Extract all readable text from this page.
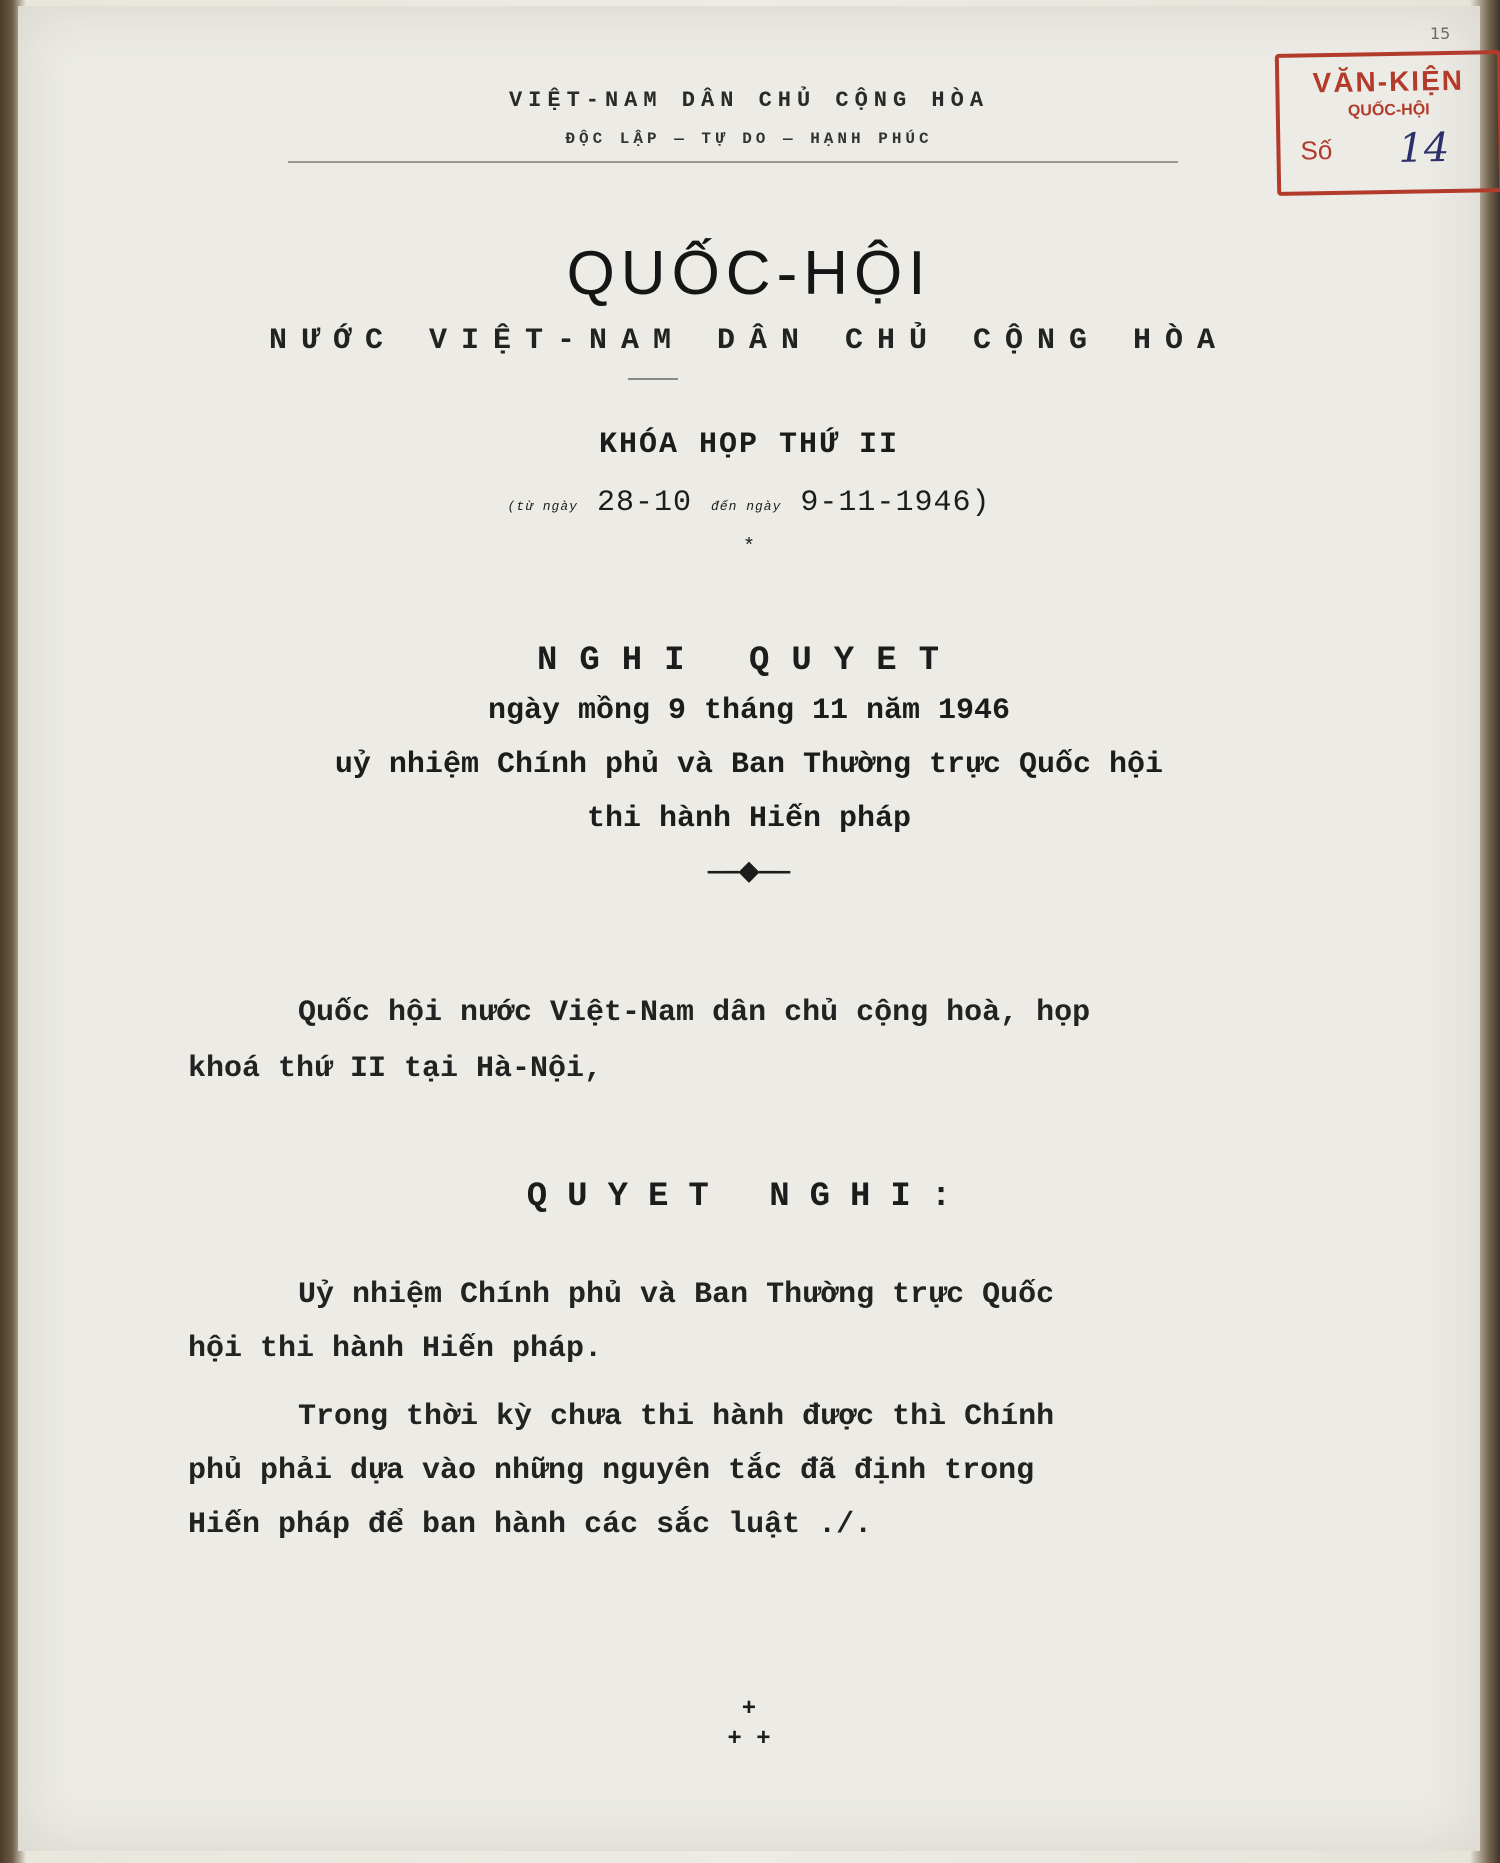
VIỆT-NAM DÂN CHỦ CỘNG HÒA
ĐỘC LẬP — TỰ DO — HẠNH PHÚC
15
VĂN-KIỆN
QUỐC-HỘI
Số 14
QUỐC-HỘI
NƯỚC VIỆT-NAM DÂN CHỦ CỘNG HÒA
KHÓA HỌP THỨ II
(từ ngày 28-10 đến ngày 9-11-1946)
*
NGHI QUYET
ngày mồng 9 tháng 11 năm 1946
uỷ nhiệm Chính phủ và Ban Thường trực Quốc hội
thi hành Hiến pháp
——◆——
Quốc hội nước Việt-Nam dân chủ cộng hoà, họp
khoá thứ II tại Hà-Nội,
QUYET NGHI:
Uỷ nhiệm Chính phủ và Ban Thường trực Quốc
hội thi hành Hiến pháp.
Trong thời kỳ chưa thi hành được thì Chính
phủ phải dựa vào những nguyên tắc đã định trong
Hiến pháp để ban hành các sắc luật ./.
+
+ +
